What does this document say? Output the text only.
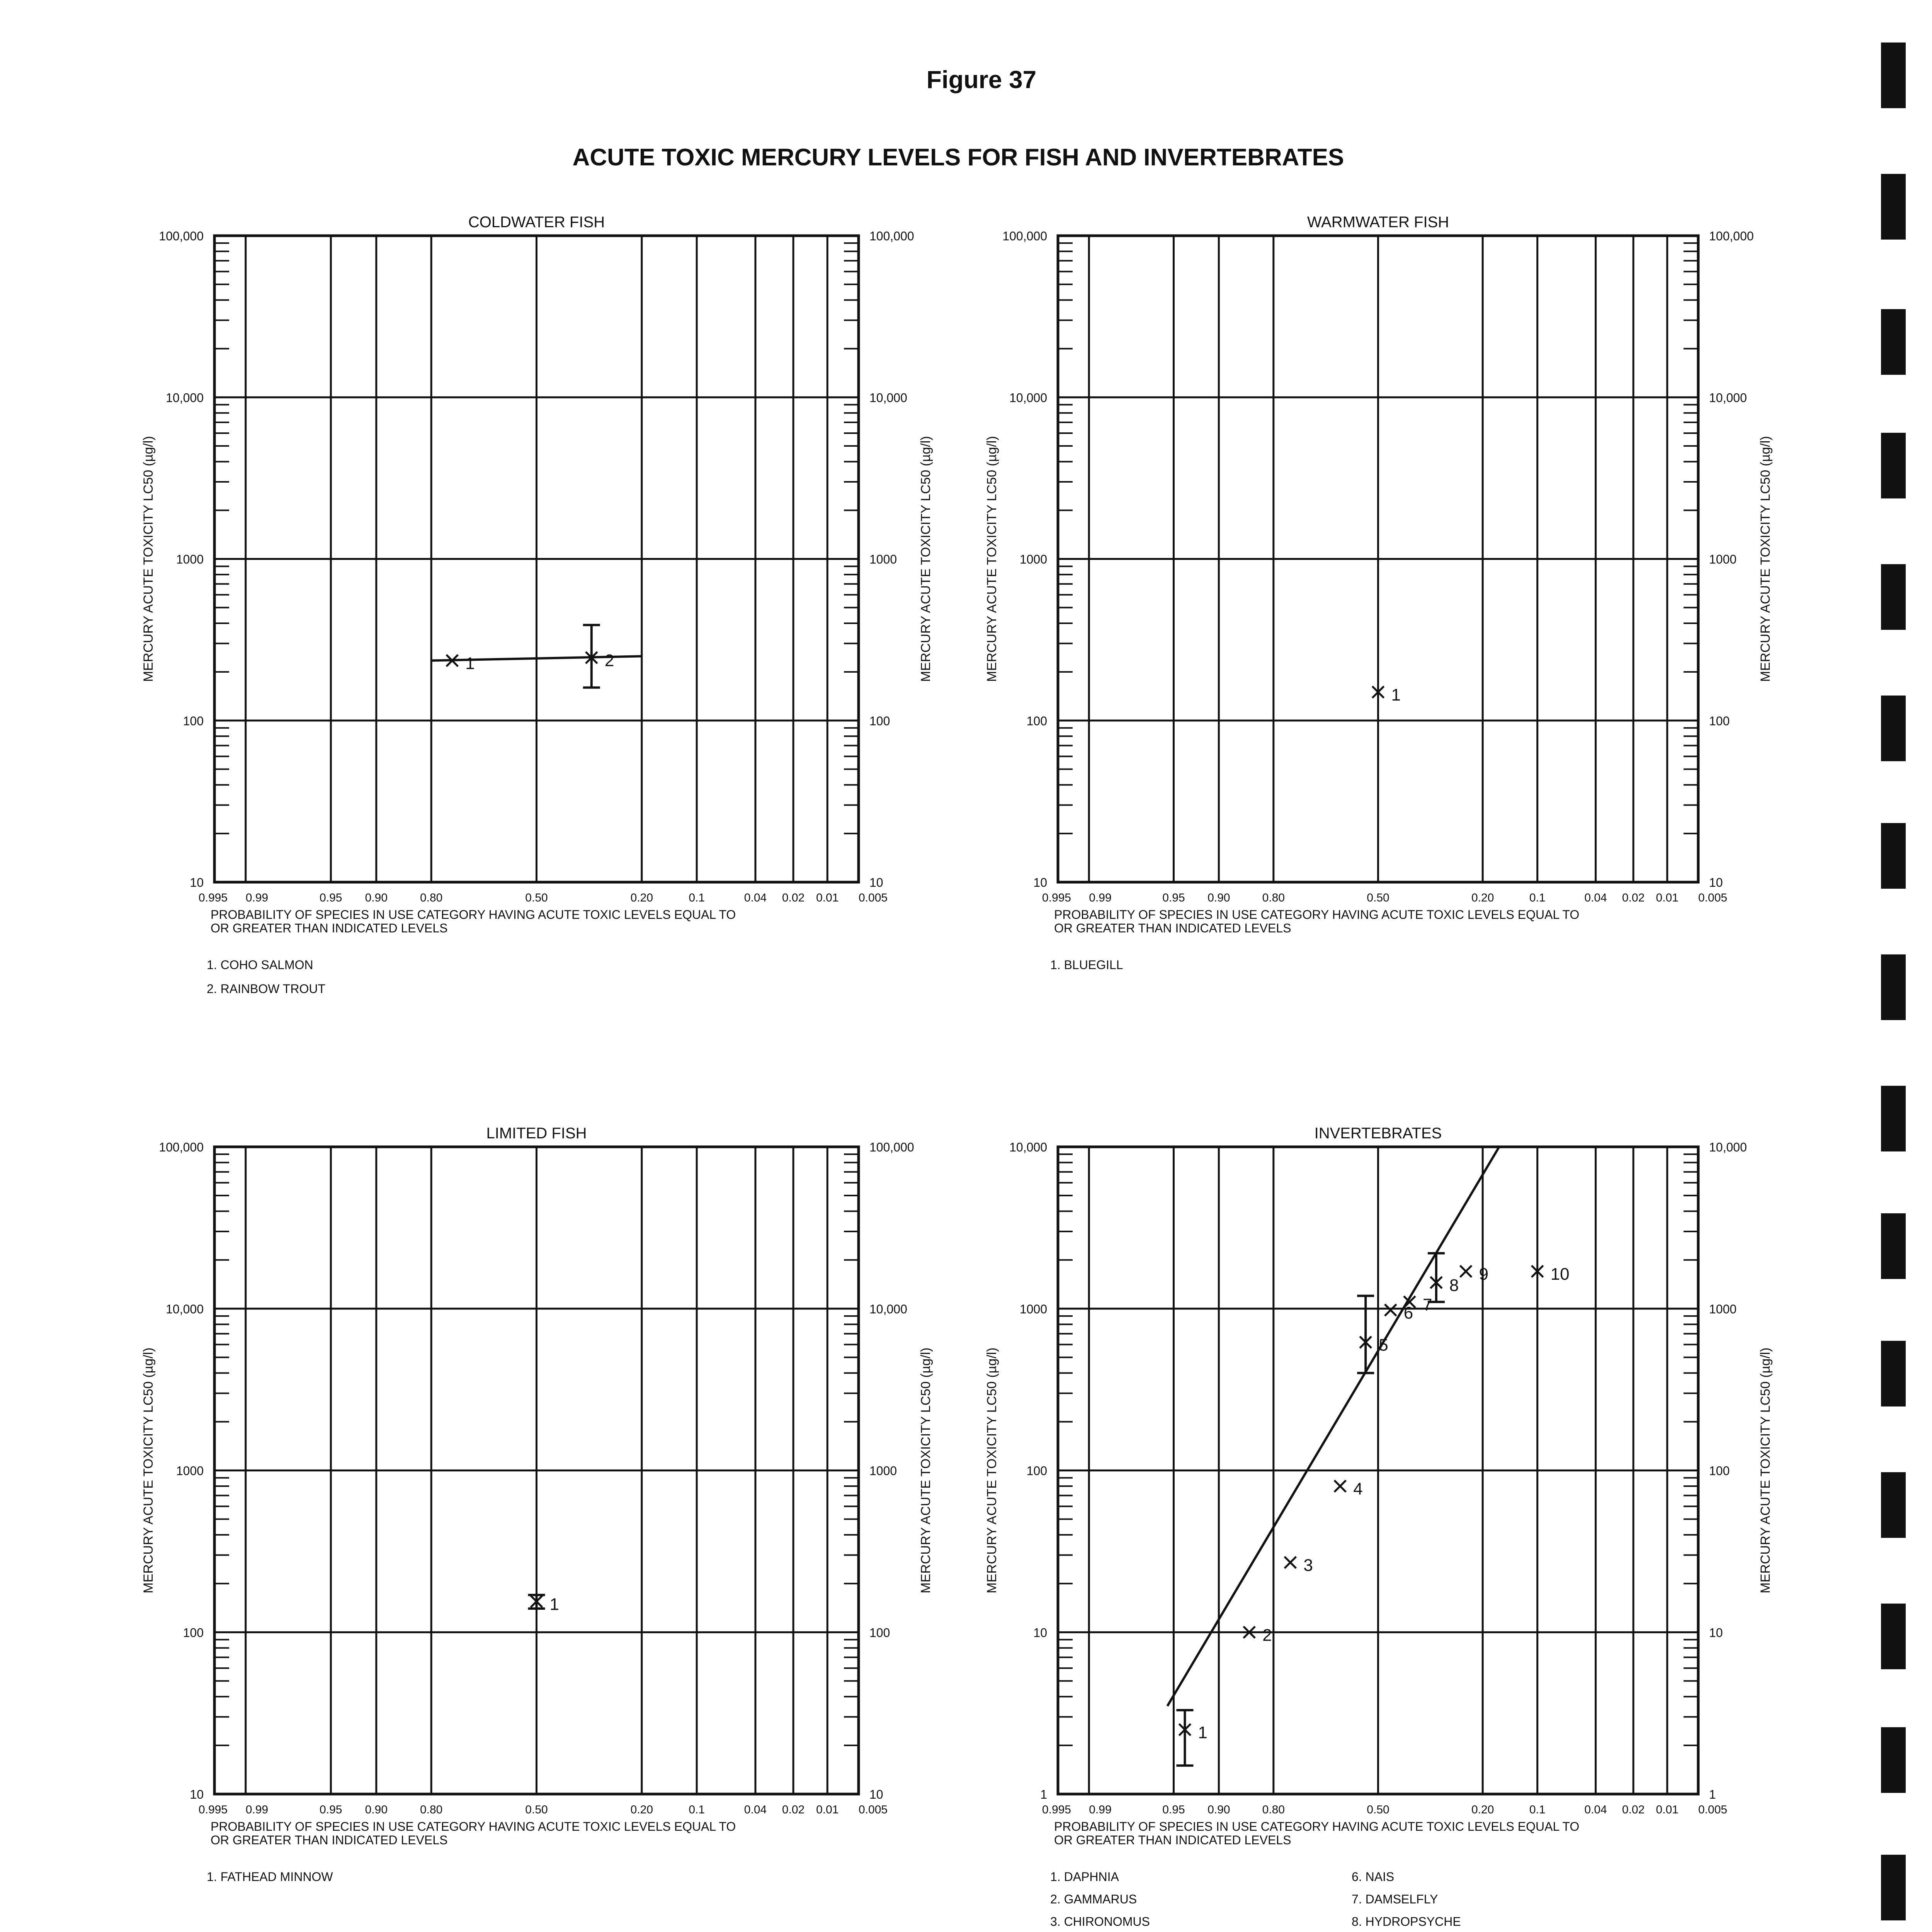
Figure 37
ACUTE TOXIC MERCURY LEVELS FOR FISH AND INVERTEBRATES
COLDWATER FISH
10	10
100	100
1000	1000
10,000	10,000
100,000	100,000
0.995 0.99	0.95 0.90	0.80	0.50	0.20	0.1	0.04 0.02 0.01 0.005
MERCURY ACUTE TOXICITY LC50 (µg/l)	MERCURY ACUTE TOXICITY LC50 (µg/l)
PROBABILITY OF SPECIES IN USE CATEGORY HAVING ACUTE TOXIC LEVELS EQUAL TO
OR GREATER THAN INDICATED LEVELS
1	2
1. COHO SALMON
2. RAINBOW TROUT
WARMWATER FISH
10	10
100	100
1000	1000
10,000	10,000
100,000	100,000
0.995 0.99	0.95 0.90	0.80	0.50	0.20	0.1	0.04 0.02 0.01 0.005
MERCURY ACUTE TOXICITY LC50 (µg/l)	MERCURY ACUTE TOXICITY LC50 (µg/l)
PROBABILITY OF SPECIES IN USE CATEGORY HAVING ACUTE TOXIC LEVELS EQUAL TO
OR GREATER THAN INDICATED LEVELS
1
1. BLUEGILL
LIMITED FISH
10	10
100	100
1000	1000
10,000	10,000
100,000	100,000
0.995 0.99	0.95 0.90	0.80	0.50	0.20	0.1	0.04 0.02 0.01 0.005
MERCURY ACUTE TOXICITY LC50 (µg/l)	MERCURY ACUTE TOXICITY LC50 (µg/l)
PROBABILITY OF SPECIES IN USE CATEGORY HAVING ACUTE TOXIC LEVELS EQUAL TO
OR GREATER THAN INDICATED LEVELS
1
1. FATHEAD MINNOW
INVERTEBRATES
1	1
10	10
100	100
1000	1000
10,000	10,000
0.995 0.99	0.95 0.90	0.80	0.50	0.20	0.1	0.04 0.02 0.01 0.005
MERCURY ACUTE TOXICITY LC50 (µg/l)	MERCURY ACUTE TOXICITY LC50 (µg/l)
PROBABILITY OF SPECIES IN USE CATEGORY HAVING ACUTE TOXIC LEVELS EQUAL TO
OR GREATER THAN INDICATED LEVELS
1
2
3
4
5
6 7
8
9	10
1. DAPHNIA
2. GAMMARUS
3. CHIRONOMUS
6. NAIS
7. DAMSELFLY
8. HYDROPSYCHE
